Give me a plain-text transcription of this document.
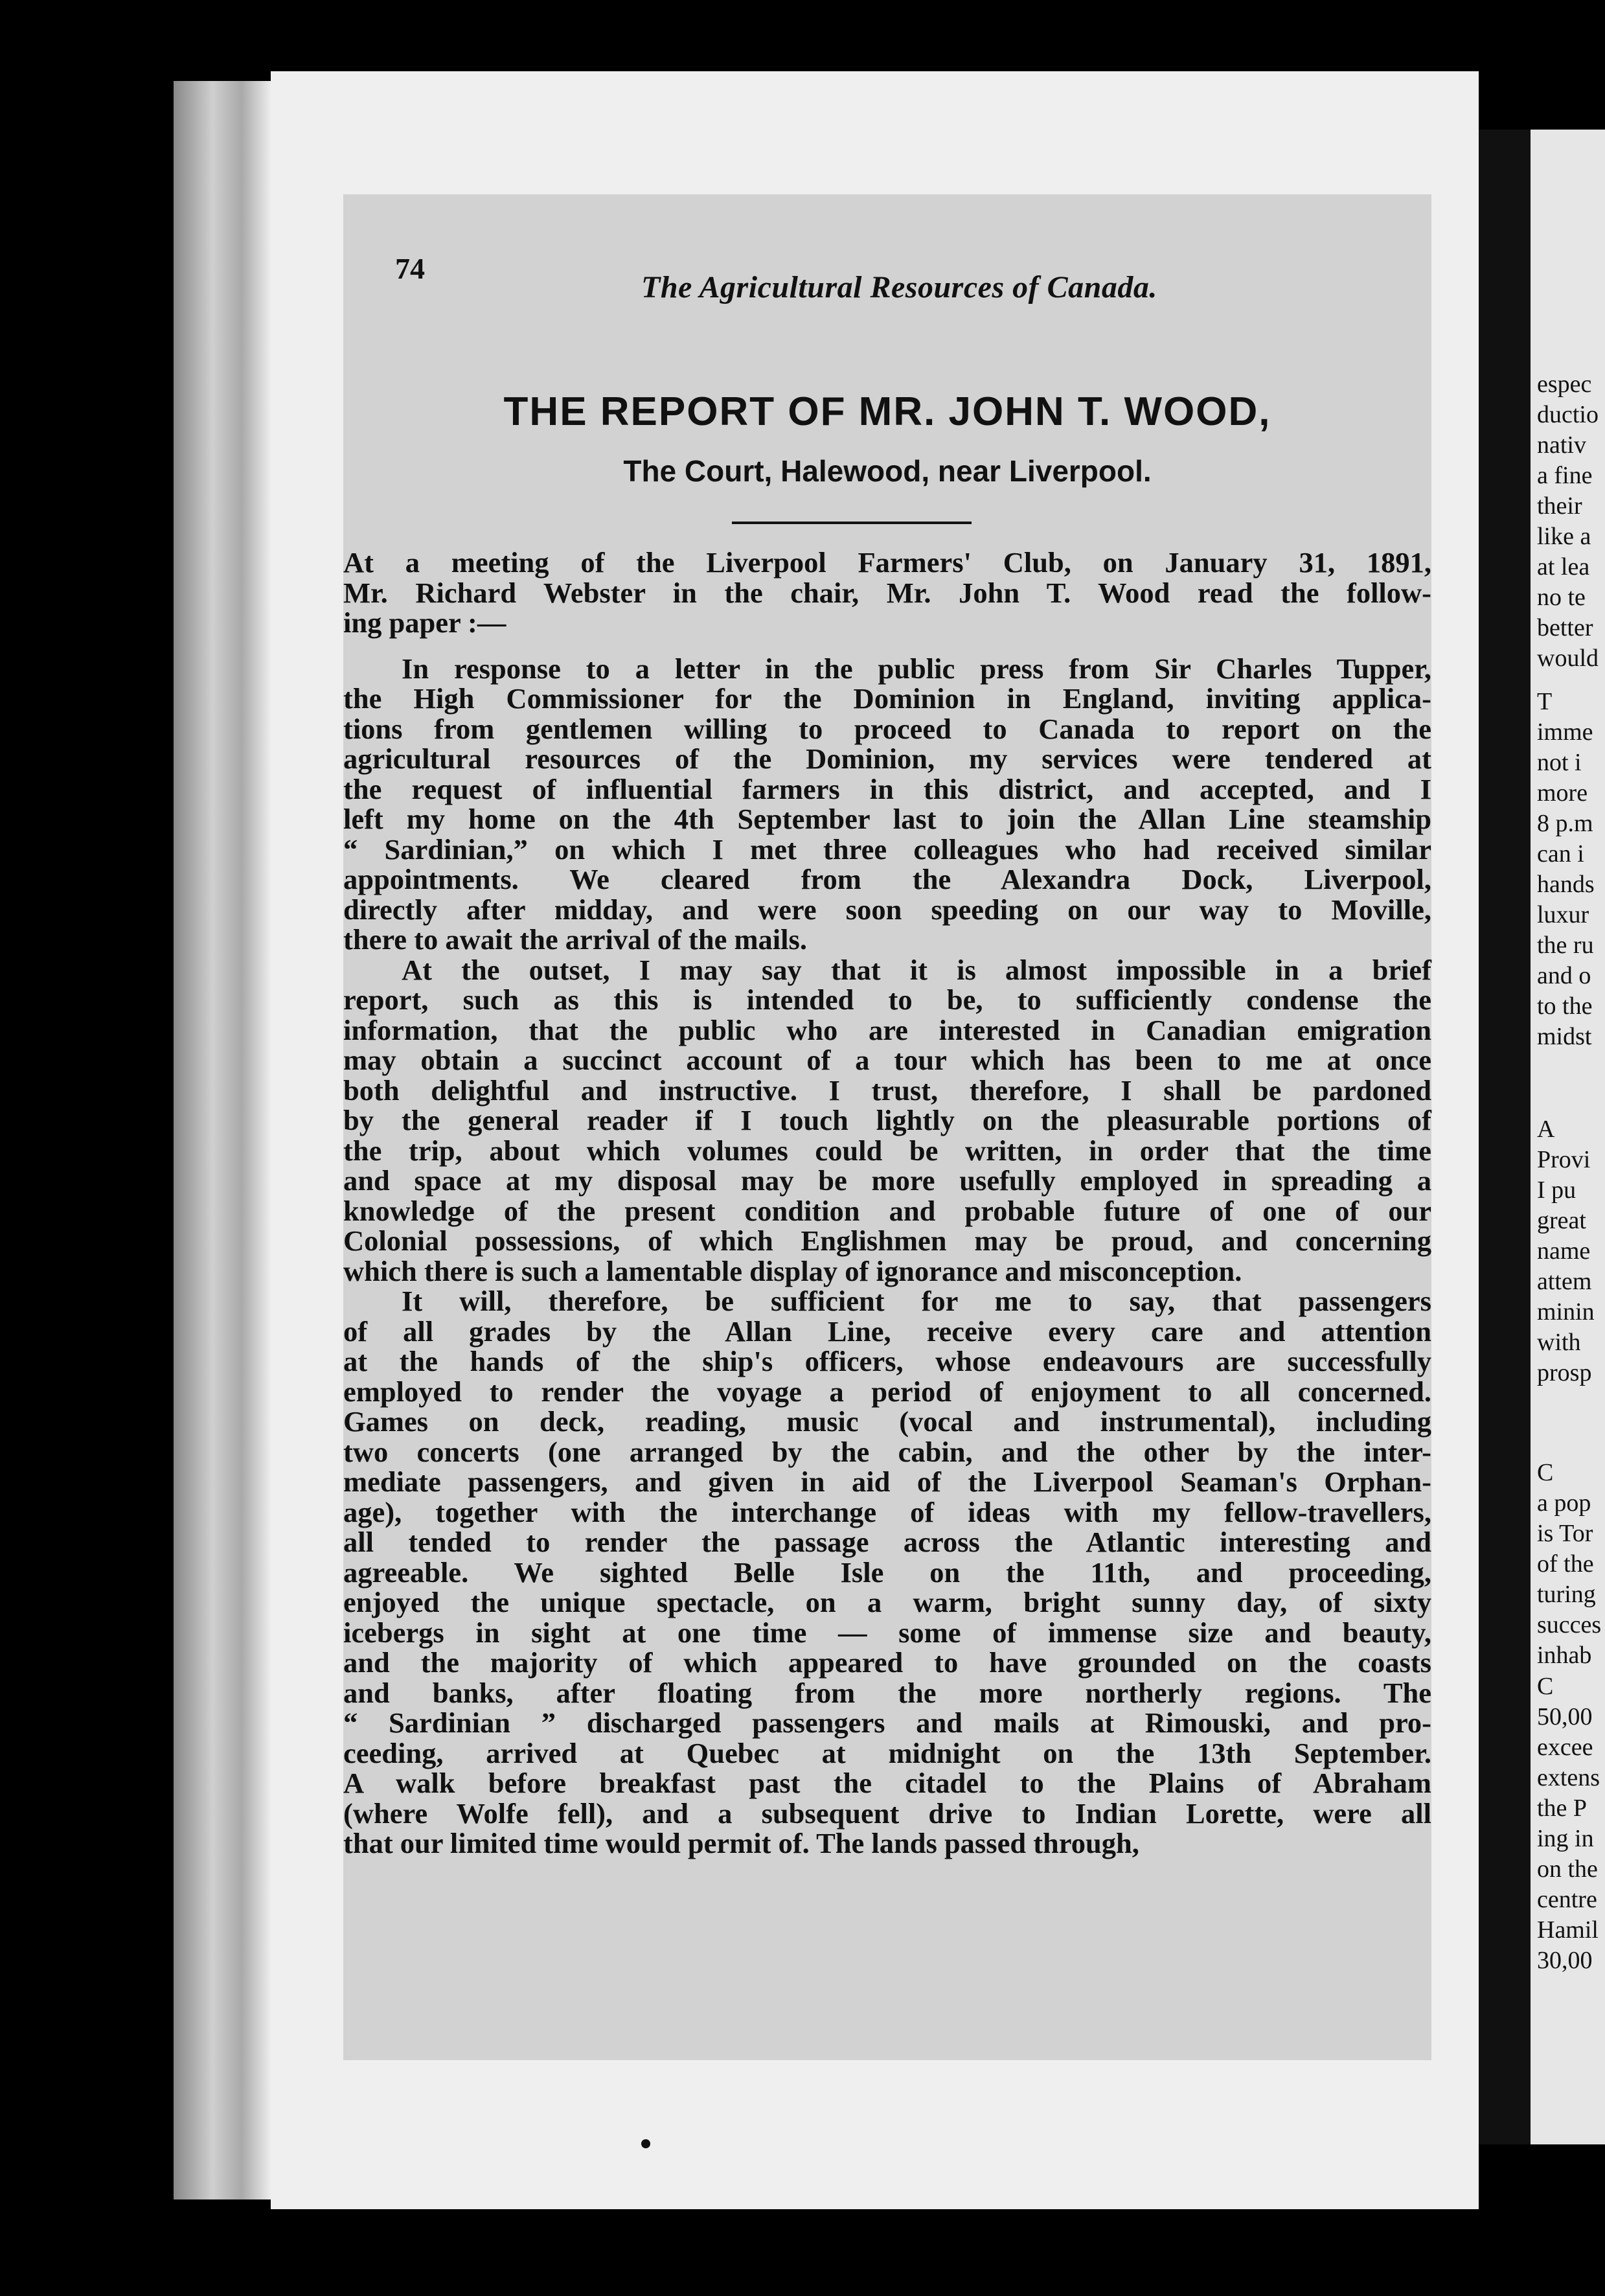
espec
ductio
nativ
a fine
their
like a
at lea
no te
better
would
T
imme
not i
more
8 p.m
can i
hands
luxur
the ru
and o
to the
midst
A
Provi
I pu
great
name
attem
minin
with
prosp
C
a pop
is Tor
of the
turing
succes
inhab
C
50,00
excee
extens
the P
ing in
on the
centre
Hamil
30,00
74
The Agricultural Resources of Canada.
THE REPORT OF MR. JOHN T. WOOD,
The Court, Halewood, near Liverpool.

At a meeting of the Liverpool Farmers' Club, on January 31, 1891,
Mr. Richard Webster in the chair, Mr. John T. Wood read the follow-
ing paper :—

In response to a letter in the public press from Sir Charles Tupper,
the High Commissioner for the Dominion in England, inviting applica-
tions from gentlemen willing to proceed to Canada to report on the
agricultural resources of the Dominion, my services were tendered at
the request of influential farmers in this district, and accepted, and I
left my home on the 4th September last to join the Allan Line steamship
“ Sardinian,” on which I met three colleagues who had received similar
appointments. We cleared from the Alexandra Dock, Liverpool,
directly after midday, and were soon speeding on our way to Moville,
there to await the arrival of the mails.

At the outset, I may say that it is almost impossible in a brief
report, such as this is intended to be, to sufficiently condense the
information, that the public who are interested in Canadian emigration
may obtain a succinct account of a tour which has been to me at once
both delightful and instructive. I trust, therefore, I shall be pardoned
by the general reader if I touch lightly on the pleasurable portions of
the trip, about which volumes could be written, in order that the time
and space at my disposal may be more usefully employed in spreading a
knowledge of the present condition and probable future of one of our
Colonial possessions, of which Englishmen may be proud, and concerning
which there is such a lamentable display of ignorance and misconception.

It will, therefore, be sufficient for me to say, that passengers
of all grades by the Allan Line, receive every care and attention
at the hands of the ship's officers, whose endeavours are successfully
employed to render the voyage a period of enjoyment to all concerned.
Games on deck, reading, music (vocal and instrumental), including
two concerts (one arranged by the cabin, and the other by the inter-
mediate passengers, and given in aid of the Liverpool Seaman's Orphan-
age), together with the interchange of ideas with my fellow-travellers,
all tended to render the passage across the Atlantic interesting and
agreeable. We sighted Belle Isle on the 11th, and proceeding,
enjoyed the unique spectacle, on a warm, bright sunny day, of sixty
icebergs in sight at one time — some of immense size and beauty,
and the majority of which appeared to have grounded on the coasts
and banks, after floating from the more northerly regions. The
“ Sardinian ” discharged passengers and mails at Rimouski, and pro-
ceeding, arrived at Quebec at midnight on the 13th September.
A walk before breakfast past the citadel to the Plains of Abraham
(where Wolfe fell), and a subsequent drive to Indian Lorette, were all
that our limited time would permit of. The lands passed through,
